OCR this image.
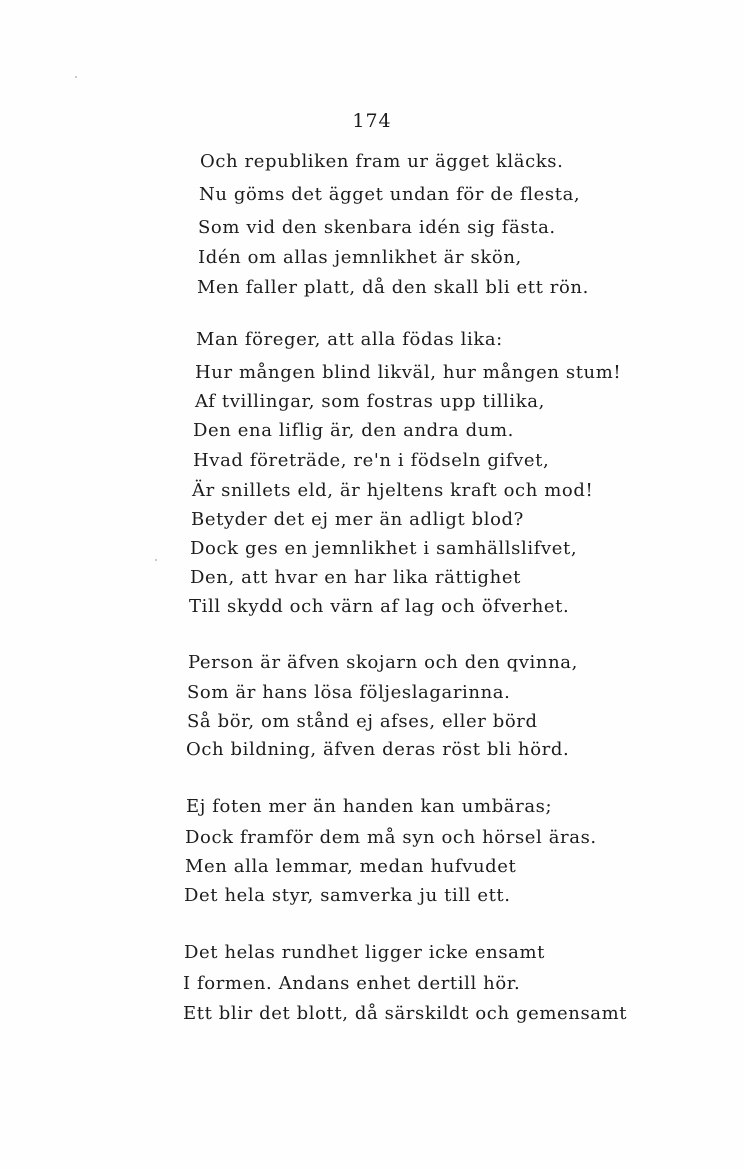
174
Och republiken fram ur ägget kläcks.
Nu göms det ägget undan för de flesta,
Som vid den skenbara idén sig fästa.
Idén om allas jemnlikhet är skön,
Men faller platt, då den skall bli ett rön.
Man föreger, att alla födas lika:
Hur mången blind likväl, hur mången stum!
Af tvillingar, som fostras upp tillika,
Den ena liflig är, den andra dum.
Hvad företräde, re'n i födseln gifvet,
Är snillets eld, är hjeltens kraft och mod!
Betyder det ej mer än adligt blod?
Dock ges en jemnlikhet i samhällslifvet,
Den, att hvar en har lika rättighet
Till skydd och värn af lag och öfverhet.
Person är äfven skojarn och den qvinna,
Som är hans lösa följeslagarinna.
Så bör, om stånd ej afses, eller börd
Och bildning, äfven deras röst bli hörd.
Ej foten mer än handen kan umbäras;
Dock framför dem må syn och hörsel äras.
Men alla lemmar, medan hufvudet
Det hela styr, samverka ju till ett.
Det helas rundhet ligger icke ensamt
I formen. Andans enhet dertill hör.
Ett blir det blott, då särskildt och gemensamt
